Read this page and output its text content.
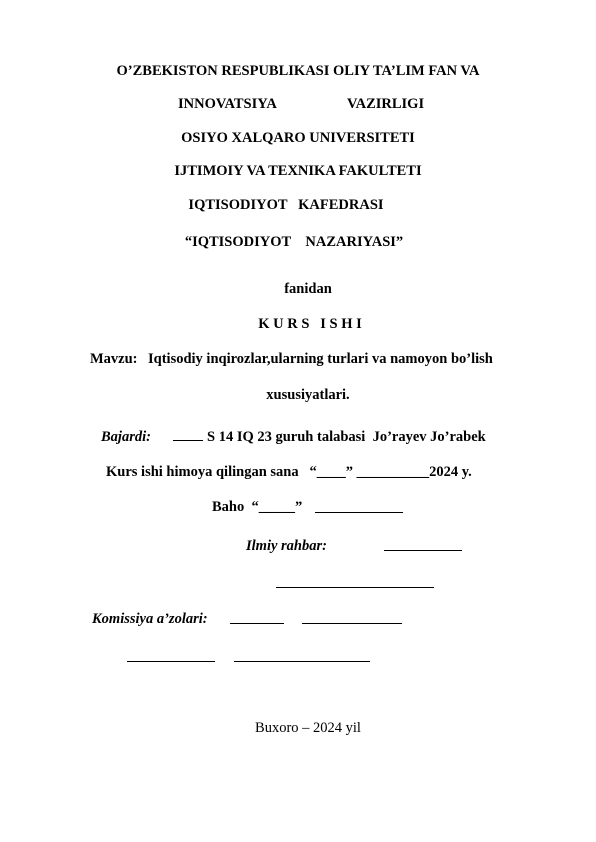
O’ZBEKISTON RESPUBLIKASI OLIY TA’LIM FAN VA
INNOVATSIYA	VAZIRLIGI
OSIYO XALQARO UNIVERSITETI
IJTIMOIY VA TEXNIKA FAKULTETI
IQTISODIYOT   KAFEDRASI
“IQTISODIYOT    NAZARIYASI”
fanidan
K U R S   I S H I
Mavzu: Iqtisodiy inqirozlar,ularning turlari va namoyon bo’lish
xususiyatlari.
Bajardi:	S 14 IQ 23 guruh talabasi  Jo’rayev Jo’rabek
Kurs ishi himoya qilingan sana   “____” __________2024 y.
Baho  “_____”
Ilmiy rahbar:
Komissiya a’zolari:
Buxoro – 2024 yil
